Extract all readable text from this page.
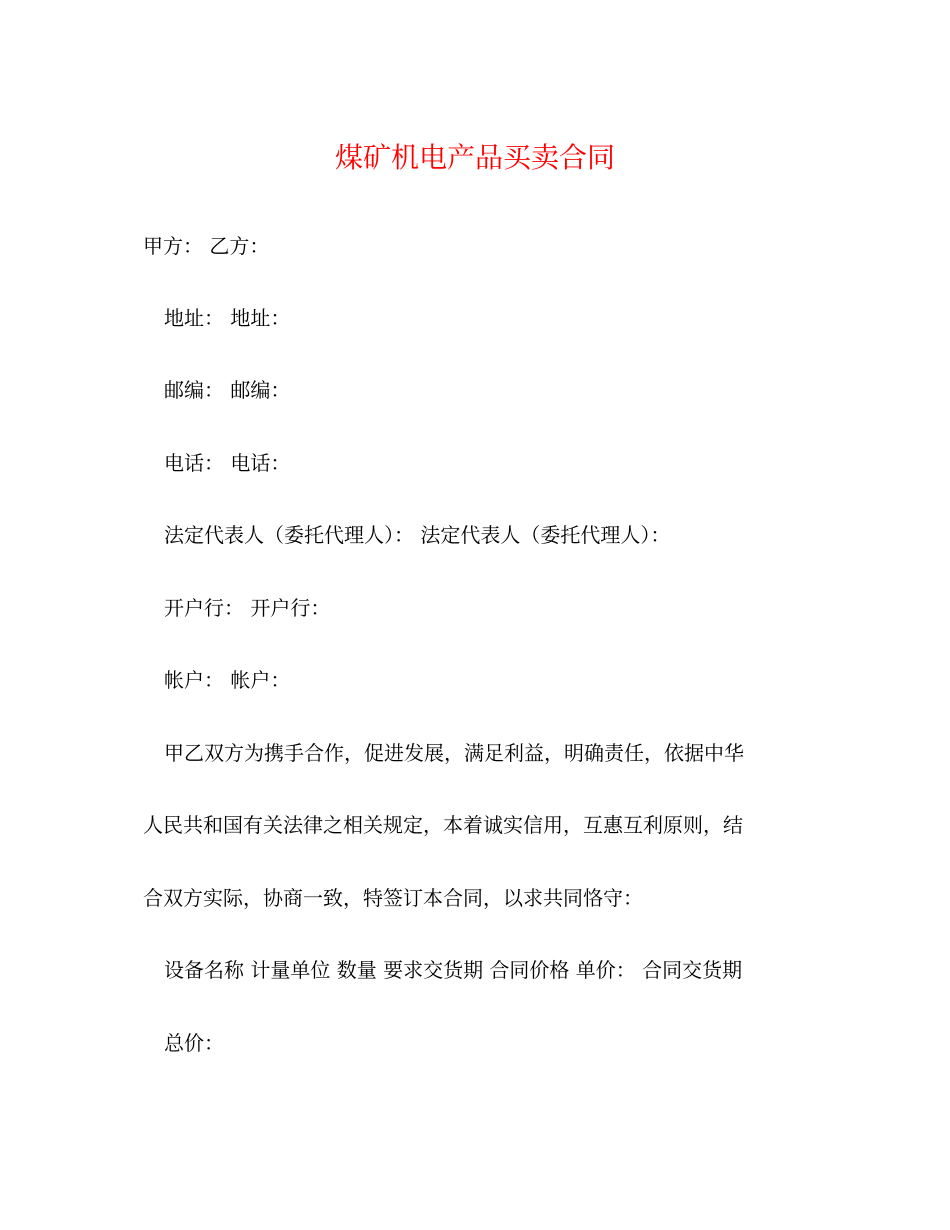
煤矿机电产品买卖合同

甲方： 乙方：

地址： 地址：

邮编： 邮编：

电话： 电话：

法定代表人（委托代理人）： 法定代表人（委托代理人）：

开户行： 开户行：

帐户： 帐户：

甲乙双方为携手合作，促进发展，满足利益，明确责任，依据中华

人民共和国有关法律之相关规定，本着诚实信用，互惠互利原则，结

合双方实际，协商一致，特签订本合同，以求共同恪守：

设备名称 计量单位 数量 要求交货期 合同价格 单价： 合同交货期

总价：
